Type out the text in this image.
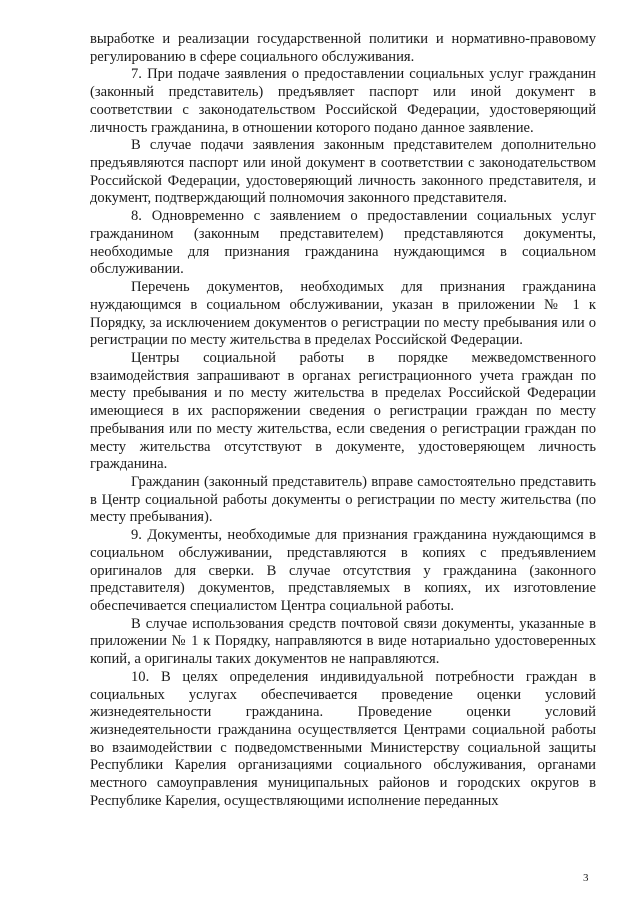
выработке и реализации государственной политики и нормативно-правовому регулированию в сфере социального обслуживания.

7. При подаче заявления о предоставлении социальных услуг гражданин (законный представитель) предъявляет паспорт или иной документ в соответствии с законодательством Российской Федерации, удостоверяющий личность гражданина, в отношении которого подано данное заявление.

В случае подачи заявления законным представителем дополнительно предъявляются паспорт или иной документ в соответствии с законодательством Российской Федерации, удостоверяющий личность законного представителя, и документ, подтверждающий полномочия законного представителя.

8. Одновременно с заявлением о предоставлении социальных услуг гражданином (законным представителем) представляются документы, необходимые для признания гражданина нуждающимся в социальном обслуживании.

Перечень документов, необходимых для признания гражданина нуждающимся в социальном обслуживании, указан в приложении № 1 к Порядку, за исключением документов о регистрации по месту пребывания или о регистрации по месту жительства в пределах Российской Федерации.

Центры социальной работы в порядке межведомственного взаимодействия запрашивают в органах регистрационного учета граждан по месту пребывания и по месту жительства в пределах Российской Федерации имеющиеся в их распоряжении сведения о регистрации граждан по месту пребывания или по месту жительства, если сведения о регистрации граждан по месту жительства отсутствуют в документе, удостоверяющем личность гражданина.

Гражданин (законный представитель) вправе самостоятельно представить в Центр социальной работы документы о регистрации по месту жительства (по месту пребывания).

9. Документы, необходимые для признания гражданина нуждающимся в социальном обслуживании, представляются в копиях с предъявлением оригиналов для сверки. В случае отсутствия у гражданина (законного представителя) документов, представляемых в копиях, их изготовление обеспечивается специалистом Центра социальной работы.

В случае использования средств почтовой связи документы, указанные в приложении № 1 к Порядку, направляются в виде нотариально удостоверенных копий, а оригиналы таких документов не направляются.

10. В целях определения индивидуальной потребности граждан в социальных услугах обеспечивается проведение оценки условий жизнедеятельности гражданина. Проведение оценки условий жизнедеятельности гражданина осуществляется Центрами социальной работы во взаимодействии с подведомственными Министерству социальной защиты Республики Карелия организациями социального обслуживания, органами местного самоуправления муниципальных районов и городских округов в Республике Карелия, осуществляющими исполнение переданных

3
